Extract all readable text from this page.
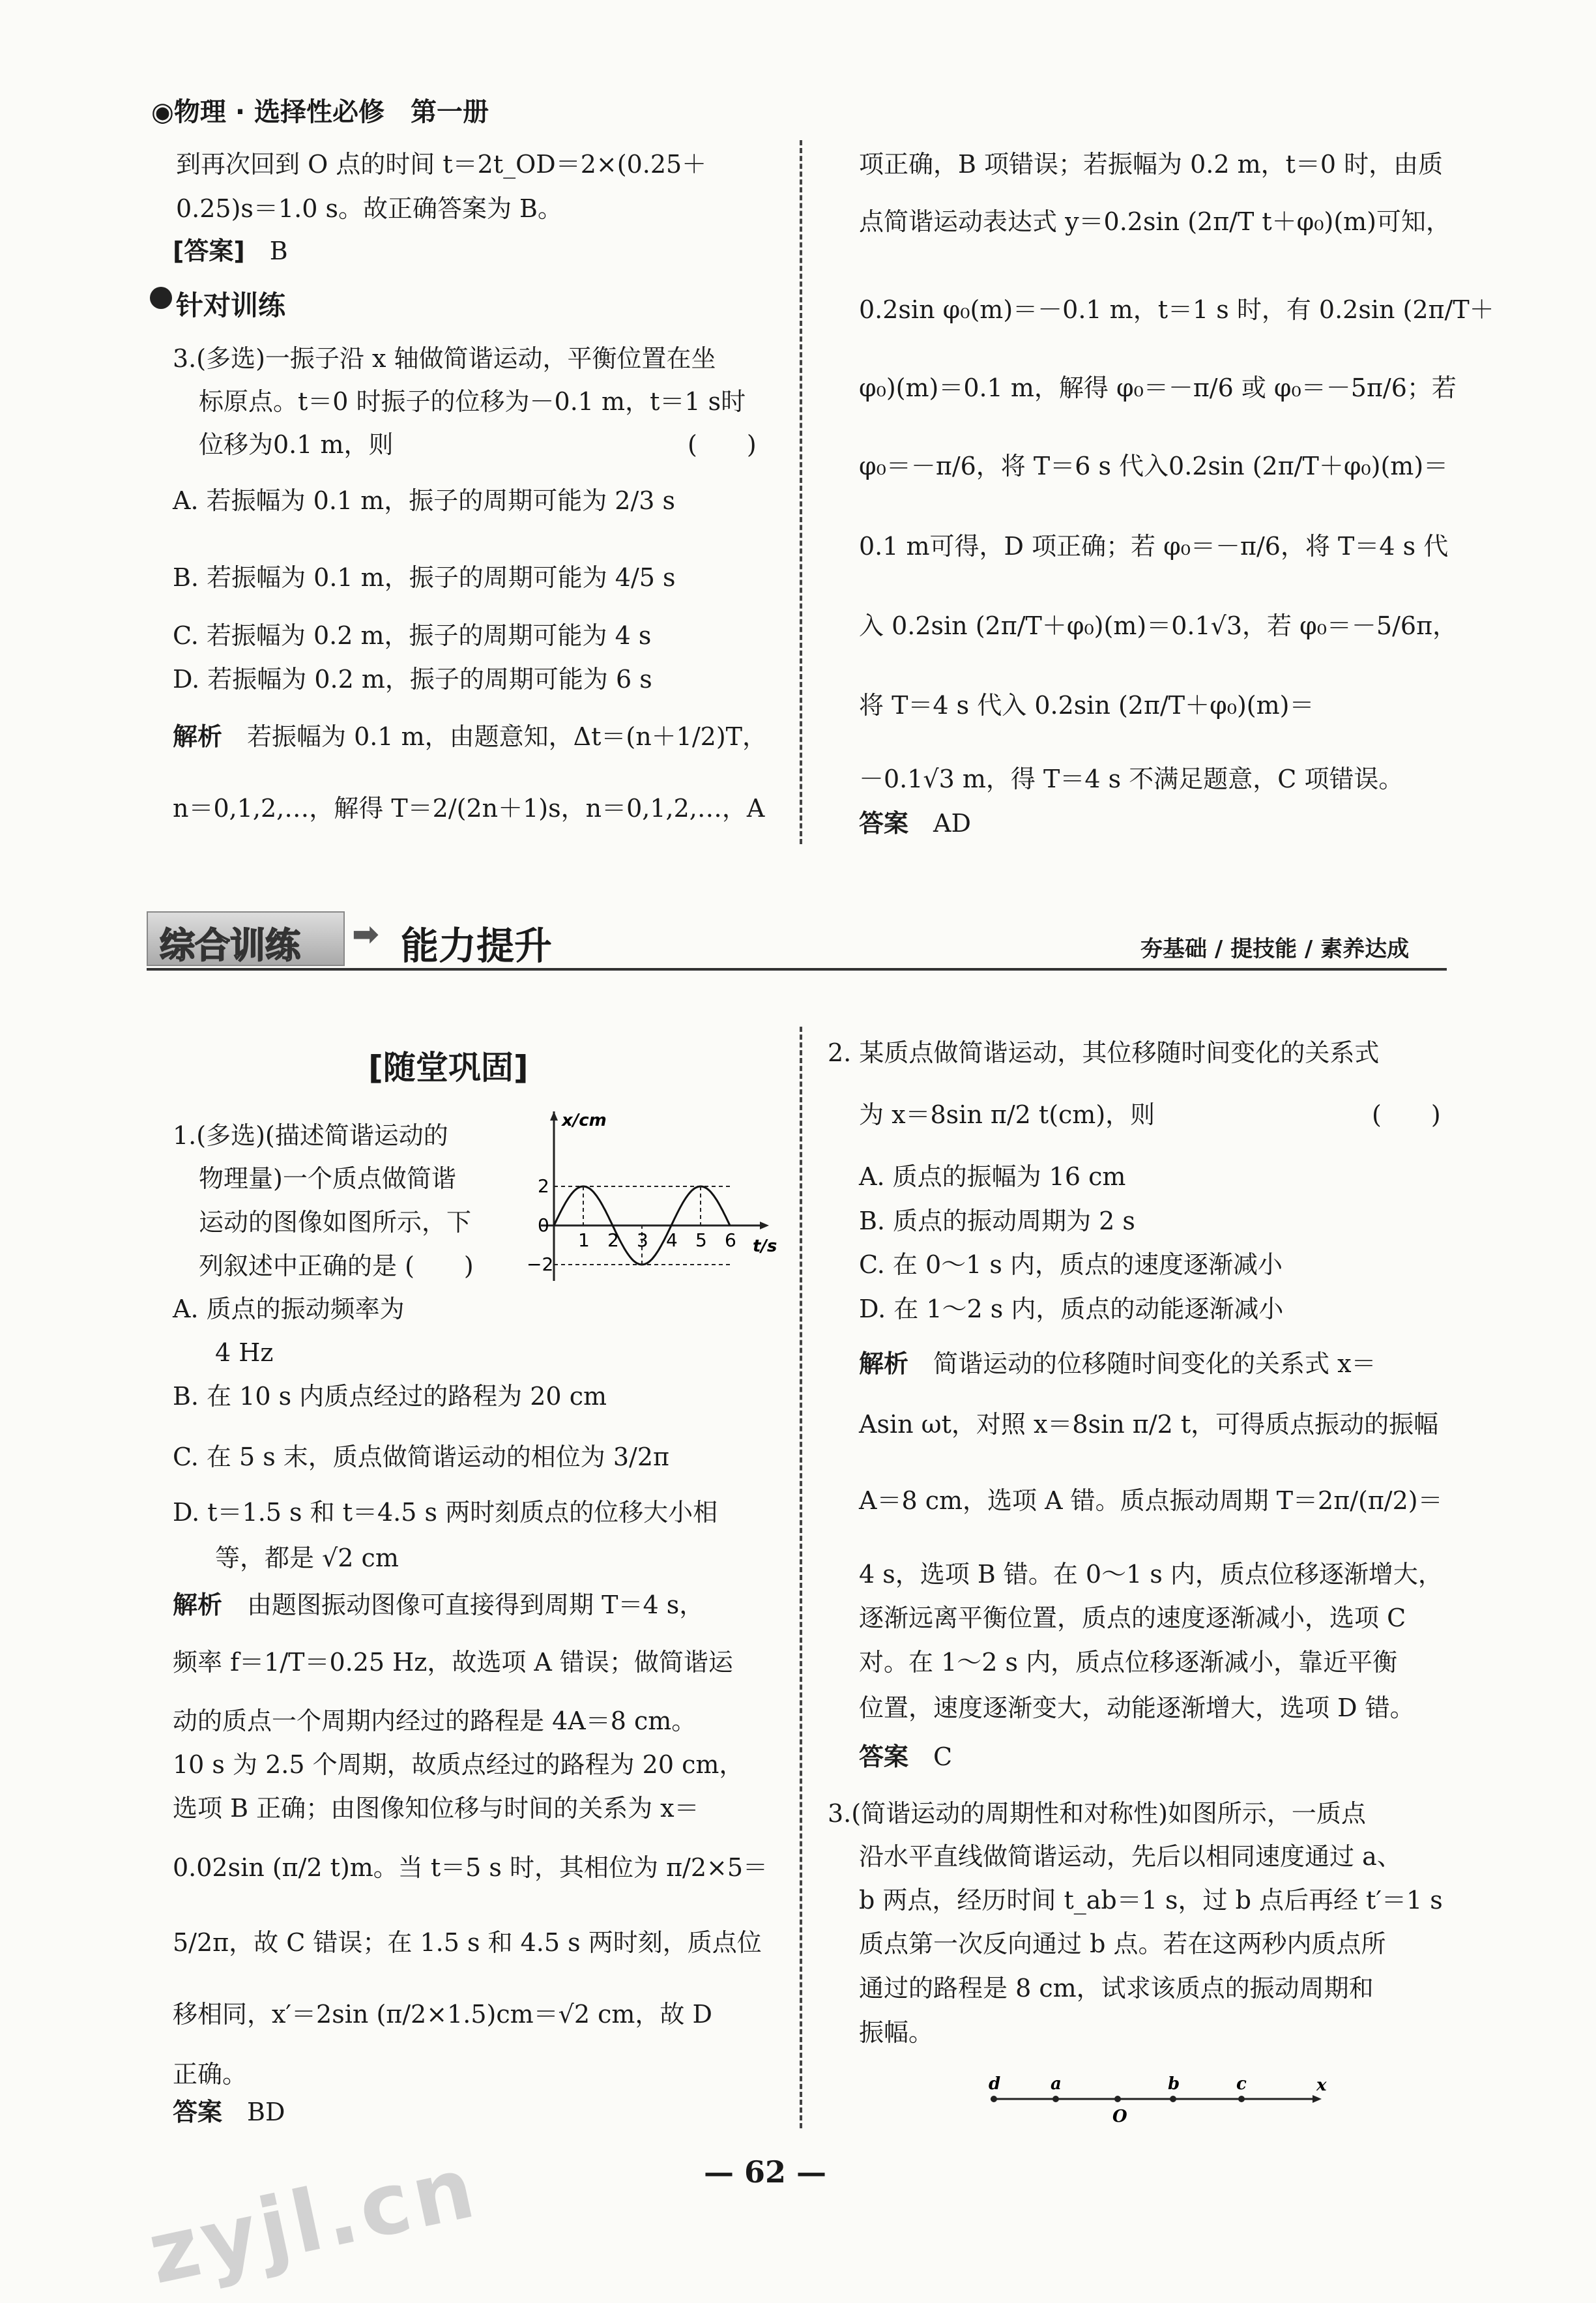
◉物理 · 选择性必修　第一册

到再次回到 O 点的时间 t＝2t_OD＝2×(0.25＋

0.25)s＝1.0 s。故正确答案为 B。

[答案]　 B

针对训练

3.(多选)一振子沿 x 轴做简谐运动，平衡位置在坐

标原点。t＝0 时振子的位移为－0.1 m，t＝1 s时

位移为0.1 m，则	(　　)

A. 若振幅为 0.1 m，振子的周期可能为 2/3 s

B. 若振幅为 0.1 m，振子的周期可能为 4/5 s

C. 若振幅为 0.2 m，振子的周期可能为 4 s

D. 若振幅为 0.2 m，振子的周期可能为 6 s

解析　 若振幅为 0.1 m，由题意知，Δt＝(n＋1/2)T，

n＝0,1,2,…，解得 T＝2/(2n＋1)s，n＝0,1,2,…，A

项正确，B 项错误；若振幅为 0.2 m，t＝0 时，由质

点简谐运动表达式 y＝0.2sin (2π/T t＋φ₀)(m)可知，

0.2sin φ₀(m)＝－0.1 m，t＝1 s 时，有 0.2sin (2π/T＋

φ₀)(m)＝0.1 m，解得 φ₀＝－π/6 或 φ₀＝－5π/6；若

φ₀＝－π/6，将 T＝6 s 代入0.2sin (2π/T＋φ₀)(m)＝

0.1 m可得，D 项正确；若 φ₀＝－π/6，将 T＝4 s 代

入 0.2sin (2π/T＋φ₀)(m)＝0.1√3，若 φ₀＝－5/6π，

将 T＝4 s 代入 0.2sin (2π/T＋φ₀)(m)＝

－0.1√3 m，得 T＝4 s 不满足题意，C 项错误。

答案　 AD

综合训练 ➡ 能力提升	夯基础 / 提技能 / 素养达成
[随堂巩固]

1.(多选)(描述简谐运动的

物理量)一个质点做简谐

运动的图像如图所示，下

列叙述中正确的是 (　　)

A. 质点的振动频率为

4 Hz

B. 在 10 s 内质点经过的路程为 20 cm

C. 在 5 s 末，质点做简谐运动的相位为 3/2π

D. t＝1.5 s 和 t＝4.5 s 两时刻质点的位移大小相

等，都是 √2 cm

解析　 由题图振动图像可直接得到周期 T＝4 s，

频率 f＝1/T＝0.25 Hz，故选项 A 错误；做简谐运

动的质点一个周期内经过的路程是 4A＝8 cm。

10 s 为 2.5 个周期，故质点经过的路程为 20 cm，

选项 B 正确；由图像知位移与时间的关系为 x＝

0.02sin (π/2 t)m。当 t＝5 s 时，其相位为 π/2×5＝

5/2π，故 C 错误；在 1.5 s 和 4.5 s 两时刻，质点位

移相同，x′＝2sin (π/2×1.5)cm＝√2 cm，故 D

正确。

答案　 BD

x/cm
t/s
2
0
−2
1 2 3 4 5 6

2. 某质点做简谐运动，其位移随时间变化的关系式

为 x＝8sin π/2 t(cm)，则	(　　)

A. 质点的振幅为 16 cm

B. 质点的振动周期为 2 s

C. 在 0～1 s 内，质点的速度逐渐减小

D. 在 1～2 s 内，质点的动能逐渐减小

解析　 简谐运动的位移随时间变化的关系式 x＝

Asin ωt，对照 x＝8sin π/2 t，可得质点振动的振幅

A＝8 cm，选项 A 错。质点振动周期 T＝2π/(π/2)＝

4 s，选项 B 错。在 0～1 s 内，质点位移逐渐增大，

逐渐远离平衡位置，质点的速度逐渐减小，选项 C

对。在 1～2 s 内，质点位移逐渐减小，靠近平衡

位置，速度逐渐变大，动能逐渐增大，选项 D 错。

答案　 C

3.(简谐运动的周期性和对称性)如图所示，一质点

沿水平直线做简谐运动，先后以相同速度通过 a、

b 两点，经历时间 t_ab＝1 s，过 b 点后再经 t′＝1 s

质点第一次反向通过 b 点。若在这两秒内质点所

通过的路程是 8 cm，试求该质点的振动周期和

振幅。

d	a
O
b	c	x
— 62 —
zyjl.cn
